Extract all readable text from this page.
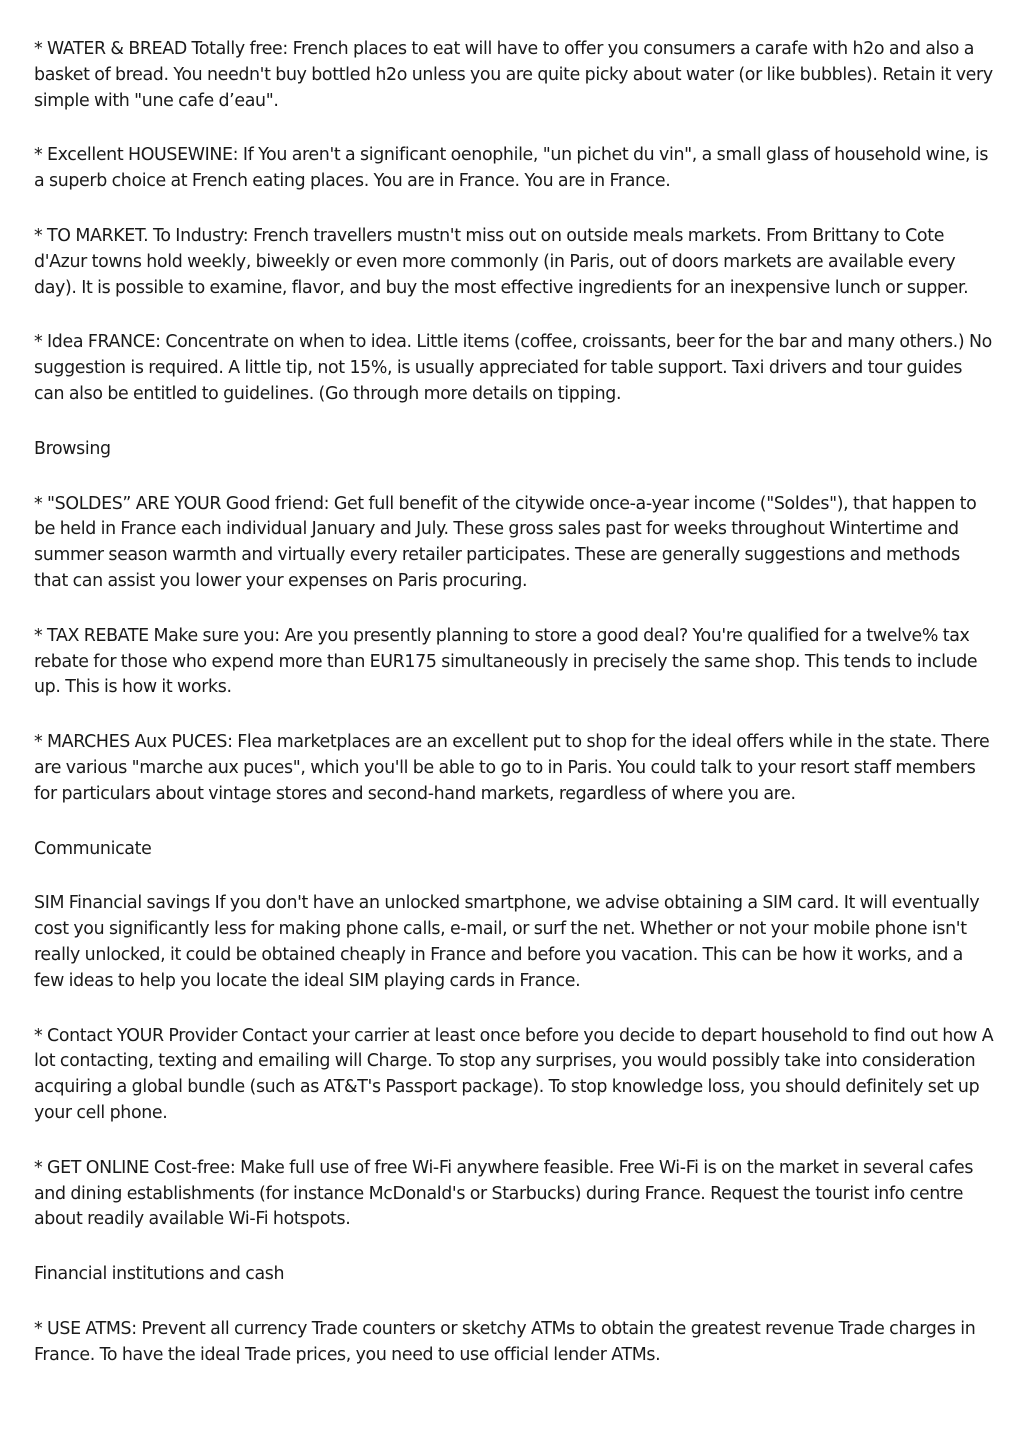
* WATER & BREAD Totally free: French places to eat will have to offer you consumers a carafe with h2o and also a basket of bread. You needn't buy bottled h2o unless you are quite picky about water (or like bubbles). Retain it very simple with "une cafe d’eau".

* Excellent HOUSEWINE: If You aren't a significant oenophile, "un pichet du vin", a small glass of household wine, is a superb choice at French eating places. You are in France. You are in France.

* TO MARKET. To Industry: French travellers mustn't miss out on outside meals markets. From Brittany to Cote d'Azur towns hold weekly, biweekly or even more commonly (in Paris, out of doors markets are available every day). It is possible to examine, flavor, and buy the most effective ingredients for an inexpensive lunch or supper.

* Idea FRANCE: Concentrate on when to idea. Little items (coffee, croissants, beer for the bar and many others.) No suggestion is required. A little tip, not 15%, is usually appreciated for table support. Taxi drivers and tour guides can also be entitled to guidelines. (Go through more details on tipping.

Browsing

* "SOLDES” ARE YOUR Good friend: Get full benefit of the citywide once-a-year income ("Soldes"), that happen to be held in France each individual January and July. These gross sales past for weeks throughout Wintertime and summer season warmth and virtually every retailer participates. These are generally suggestions and methods that can assist you lower your expenses on Paris procuring.

* TAX REBATE Make sure you: Are you presently planning to store a good deal? You're qualified for a twelve% tax rebate for those who expend more than EUR175 simultaneously in precisely the same shop. This tends to include up. This is how it works.

* MARCHES Aux PUCES: Flea marketplaces are an excellent put to shop for the ideal offers while in the state. There are various "marche aux puces", which you'll be able to go to in Paris. You could talk to your resort staff members for particulars about vintage stores and second-hand markets, regardless of where you are.

Communicate

SIM Financial savings If you don't have an unlocked smartphone, we advise obtaining a SIM card. It will eventually cost you significantly less for making phone calls, e-mail, or surf the net. Whether or not your mobile phone isn't really unlocked, it could be obtained cheaply in France and before you vacation. This can be how it works, and a few ideas to help you locate the ideal SIM playing cards in France.

* Contact YOUR Provider Contact your carrier at least once before you decide to depart household to find out how A lot contacting, texting and emailing will Charge. To stop any surprises, you would possibly take into consideration acquiring a global bundle (such as AT&T's Passport package). To stop knowledge loss, you should definitely set up your cell phone.

* GET ONLINE Cost-free: Make full use of free Wi-Fi anywhere feasible. Free Wi-Fi is on the market in several cafes and dining establishments (for instance McDonald's or Starbucks) during France. Request the tourist info centre about readily available Wi-Fi hotspots.

Financial institutions and cash

* USE ATMS: Prevent all currency Trade counters or sketchy ATMs to obtain the greatest revenue Trade charges in France. To have the ideal Trade prices, you need to use official lender ATMs.
